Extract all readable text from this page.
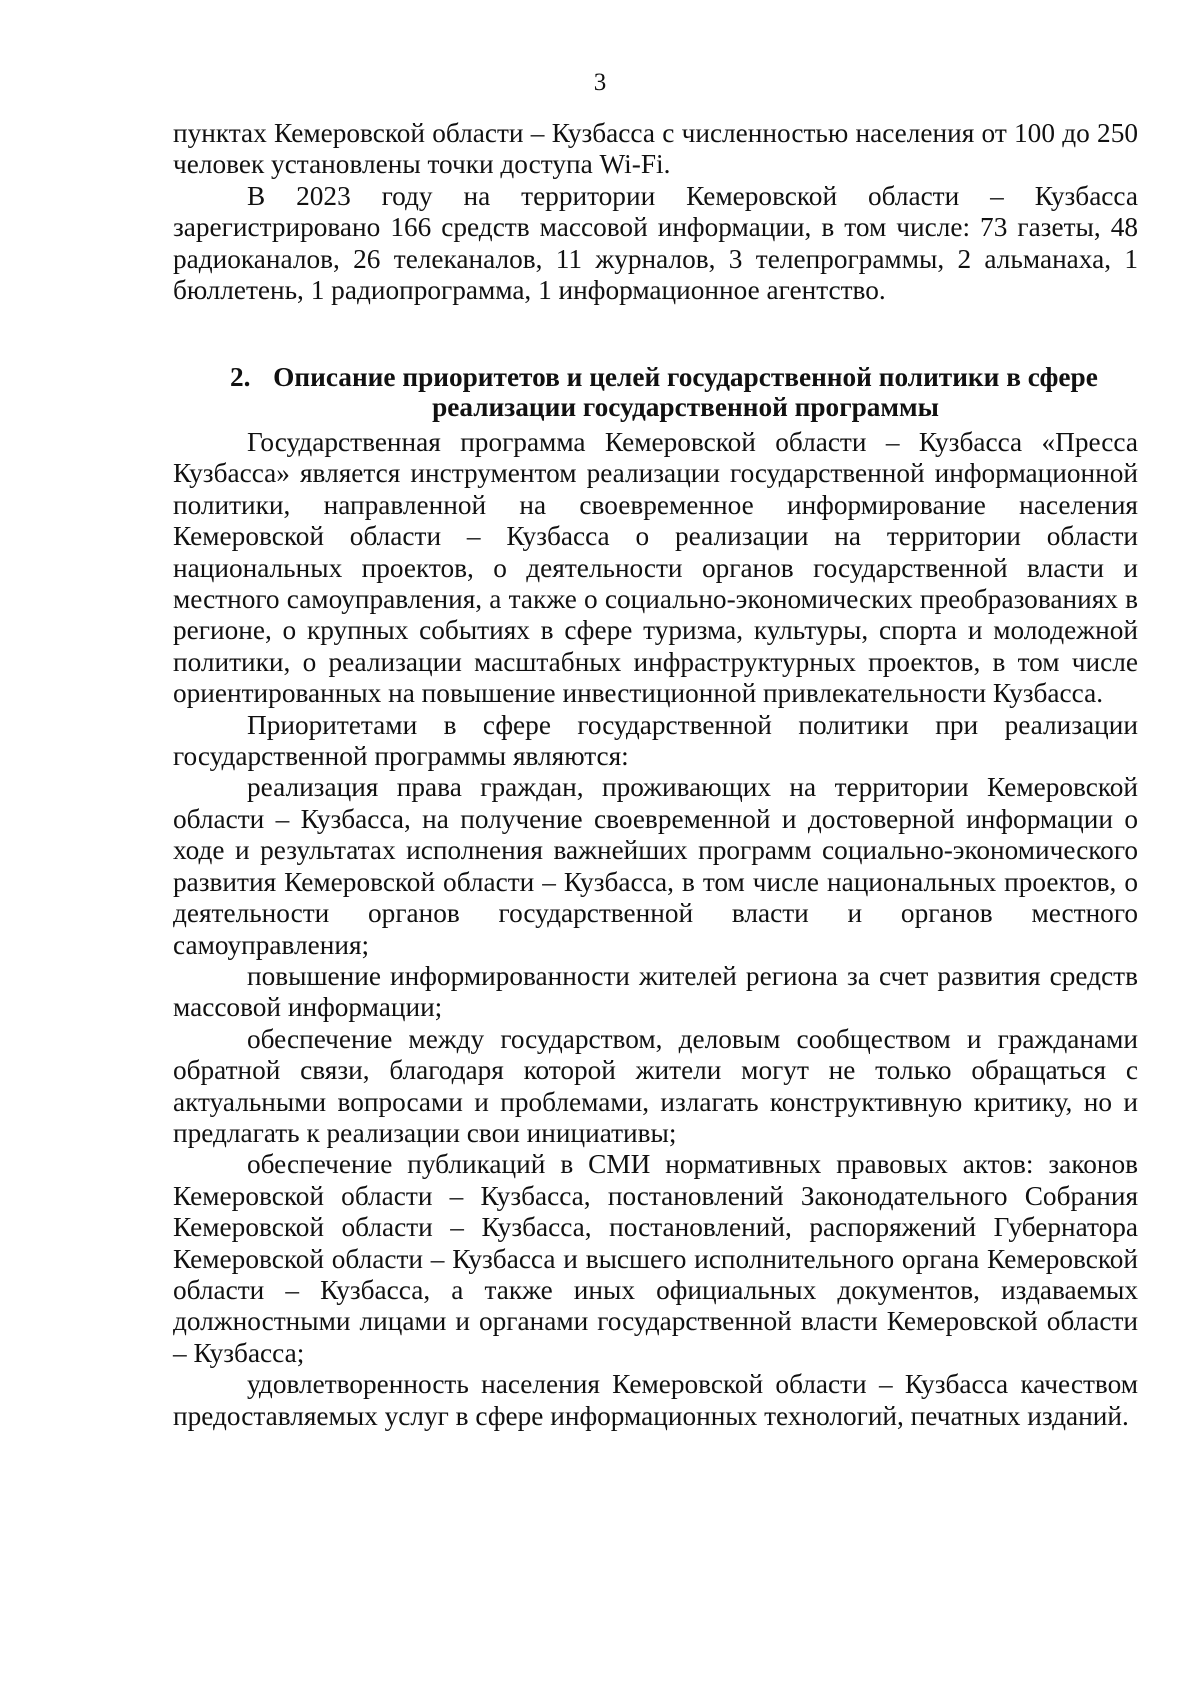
3

пунктах Кемеровской области – Кузбасса с численностью населения от 100 до 250 человек установлены точки доступа Wi-Fi.

В 2023 году на территории Кемеровской области – Кузбасса зарегистрировано 166 средств массовой информации, в том числе: 73 газеты, 48 радиоканалов, 26 телеканалов, 11 журналов, 3 телепрограммы, 2 альманаха, 1 бюллетень, 1 радиопрограмма, 1 информационное агентство.

2. Описание приоритетов и целей государственной политики в сфере реализации государственной программы

Государственная программа Кемеровской области – Кузбасса «Пресса Кузбасса» является инструментом реализации государственной информационной политики, направленной на своевременное информирование населения Кемеровской области – Кузбасса о реализации на территории области национальных проектов, о деятельности органов государственной власти и местного самоуправления, а также о социально-экономических преобразованиях в регионе, о крупных событиях в сфере туризма, культуры, спорта и молодежной политики, о реализации масштабных инфраструктурных проектов, в том числе ориентированных на повышение инвестиционной привлекательности Кузбасса.

Приоритетами в сфере государственной политики при реализации государственной программы являются:

реализация права граждан, проживающих на территории Кемеровской области – Кузбасса, на получение своевременной и достоверной информации о ходе и результатах исполнения важнейших программ социально-экономического развития Кемеровской области – Кузбасса, в том числе национальных проектов, о деятельности органов государственной власти и органов местного самоуправления;

повышение информированности жителей региона за счет развития средств массовой информации;

обеспечение между государством, деловым сообществом и гражданами обратной связи, благодаря которой жители могут не только обращаться с актуальными вопросами и проблемами, излагать конструктивную критику, но и предлагать к реализации свои инициативы;

обеспечение публикаций в СМИ нормативных правовых актов: законов Кемеровской области – Кузбасса, постановлений Законодательного Собрания Кемеровской области – Кузбасса, постановлений, распоряжений Губернатора Кемеровской области – Кузбасса и высшего исполнительного органа Кемеровской области – Кузбасса, а также иных официальных документов, издаваемых должностными лицами и органами государственной власти Кемеровской области – Кузбасса;

удовлетворенность населения Кемеровской области – Кузбасса качеством предоставляемых услуг в сфере информационных технологий, печатных изданий.
